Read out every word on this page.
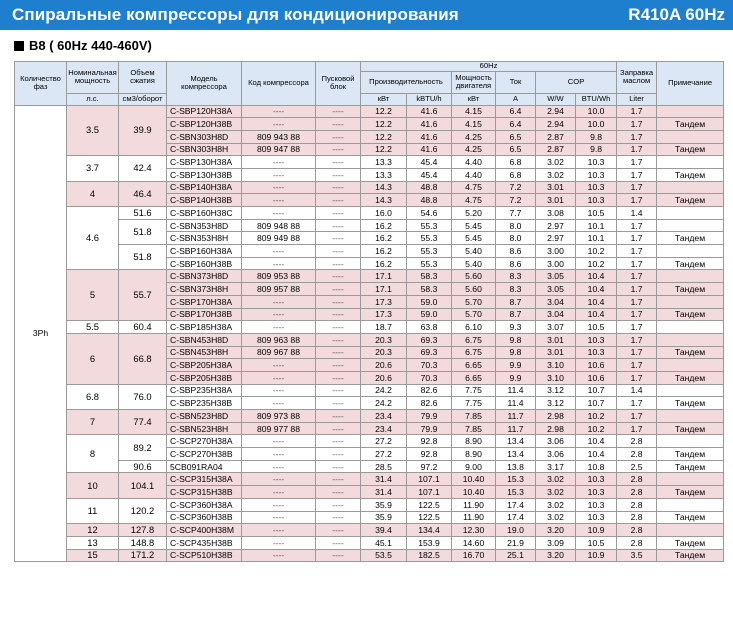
Спиральные компрессоры для кондиционирования	R410A 60Hz
B8 ( 60Hz 440-460V)
Количество фаз	Номинальная мощность	Объем сжатия	Модель компрессора	Код компрессора	Пусковой блок	60Hz						Заправка маслом	Примечание
						Производительность		Мощность двигателя	Ток	COP			
	л.с.	см3/оборот				кВт	kBTU/h	кВт	A	W/W	BTU/Wh	Liter	
3Ph	3.5	39.9	C-SBP120H38A	----	----	12.2	41.6	4.15	6.4	2.94	10.0	1.7	
			C-SBP120H38B	----	----	12.2	41.6	4.15	6.4	2.94	10.0	1.7	Тандем
			C-SBN303H8D	809 943 88	----	12.2	41.6	4.25	6.5	2.87	9.8	1.7	
			C-SBN303H8H	809 947 88	----	12.2	41.6	4.25	6.5	2.87	9.8	1.7	Тандем
	3.7	42.4	C-SBP130H38A	----	----	13.3	45.4	4.40	6.8	3.02	10.3	1.7	
			C-SBP130H38B	----	----	13.3	45.4	4.40	6.8	3.02	10.3	1.7	Тандем
	4	46.4	C-SBP140H38A	----	----	14.3	48.8	4.75	7.2	3.01	10.3	1.7	
			C-SBP140H38B	----	----	14.3	48.8	4.75	7.2	3.01	10.3	1.7	Тандем
	4.6	51.6	C-SBP160H38C	----	----	16.0	54.6	5.20	7.7	3.08	10.5	1.4	
		51.8	C-SBN353H8D	809 948 88	----	16.2	55.3	5.45	8.0	2.97	10.1	1.7	
			C-SBN353H8H	809 949 88	----	16.2	55.3	5.45	8.0	2.97	10.1	1.7	Тандем
		51.8	C-SBP160H38A	----	----	16.2	55.3	5.40	8.6	3.00	10.2	1.7	
			C-SBP160H38B	----	----	16.2	55.3	5.40	8.6	3.00	10.2	1.7	Тандем
	5	55.7	C-SBN373H8D	809 953 88	----	17.1	58.3	5.60	8.3	3.05	10.4	1.7	
			C-SBN373H8H	809 957 88	----	17.1	58.3	5.60	8.3	3.05	10.4	1.7	Тандем
			C-SBP170H38A	----	----	17.3	59.0	5.70	8.7	3.04	10.4	1.7	
			C-SBP170H38B	----	----	17.3	59.0	5.70	8.7	3.04	10.4	1.7	Тандем
	5.5	60.4	C-SBP185H38A	----	----	18.7	63.8	6.10	9.3	3.07	10.5	1.7	
	6	66.8	C-SBN453H8D	809 963 88	----	20.3	69.3	6.75	9.8	3.01	10.3	1.7	
			C-SBN453H8H	809 967 88	----	20.3	69.3	6.75	9.8	3.01	10.3	1.7	Тандем
			C-SBP205H38A	----	----	20.6	70.3	6.65	9.9	3.10	10.6	1.7	
			C-SBP205H38B	----	----	20.6	70.3	6.65	9.9	3.10	10.6	1.7	Тандем
	6.8	76.0	C-SBP235H38A	----	----	24.2	82.6	7.75	11.4	3.12	10.7	1.4	
			C-SBP235H38B	----	----	24.2	82.6	7.75	11.4	3.12	10.7	1.7	Тандем
	7	77.4	C-SBN523H8D	809 973 88	----	23.4	79.9	7.85	11.7	2.98	10.2	1.7	
			C-SBN523H8H	809 977 88	----	23.4	79.9	7.85	11.7	2.98	10.2	1.7	Тандем
	8	89.2	C-SCP270H38A	----	----	27.2	92.8	8.90	13.4	3.06	10.4	2.8	
			C-SCP270H38B	----	----	27.2	92.8	8.90	13.4	3.06	10.4	2.8	Тандем
		90.6	5CB091RA04	----	----	28.5	97.2	9.00	13.8	3.17	10.8	2.5	Тандем
	10	104.1	C-SCP315H38A	----	----	31.4	107.1	10.40	15.3	3.02	10.3	2.8	
			C-SCP315H38B	----	----	31.4	107.1	10.40	15.3	3.02	10.3	2.8	Тандем
	11	120.2	C-SCP360H38A	----	----	35.9	122.5	11.90	17.4	3.02	10.3	2.8	
			C-SCP360H38B	----	----	35.9	122.5	11.90	17.4	3.02	10.3	2.8	Тандем
	12	127.8	C-SCP400H38M	----	----	39.4	134.4	12.30	19.0	3.20	10.9	2.8	
	13	148.8	C-SCP435H38B	----	----	45.1	153.9	14.60	21.9	3.09	10.5	2.8	Тандем
	15	171.2	C-SCP510H38B	----	----	53.5	182.5	16.70	25.1	3.20	10.9	3.5	Тандем
